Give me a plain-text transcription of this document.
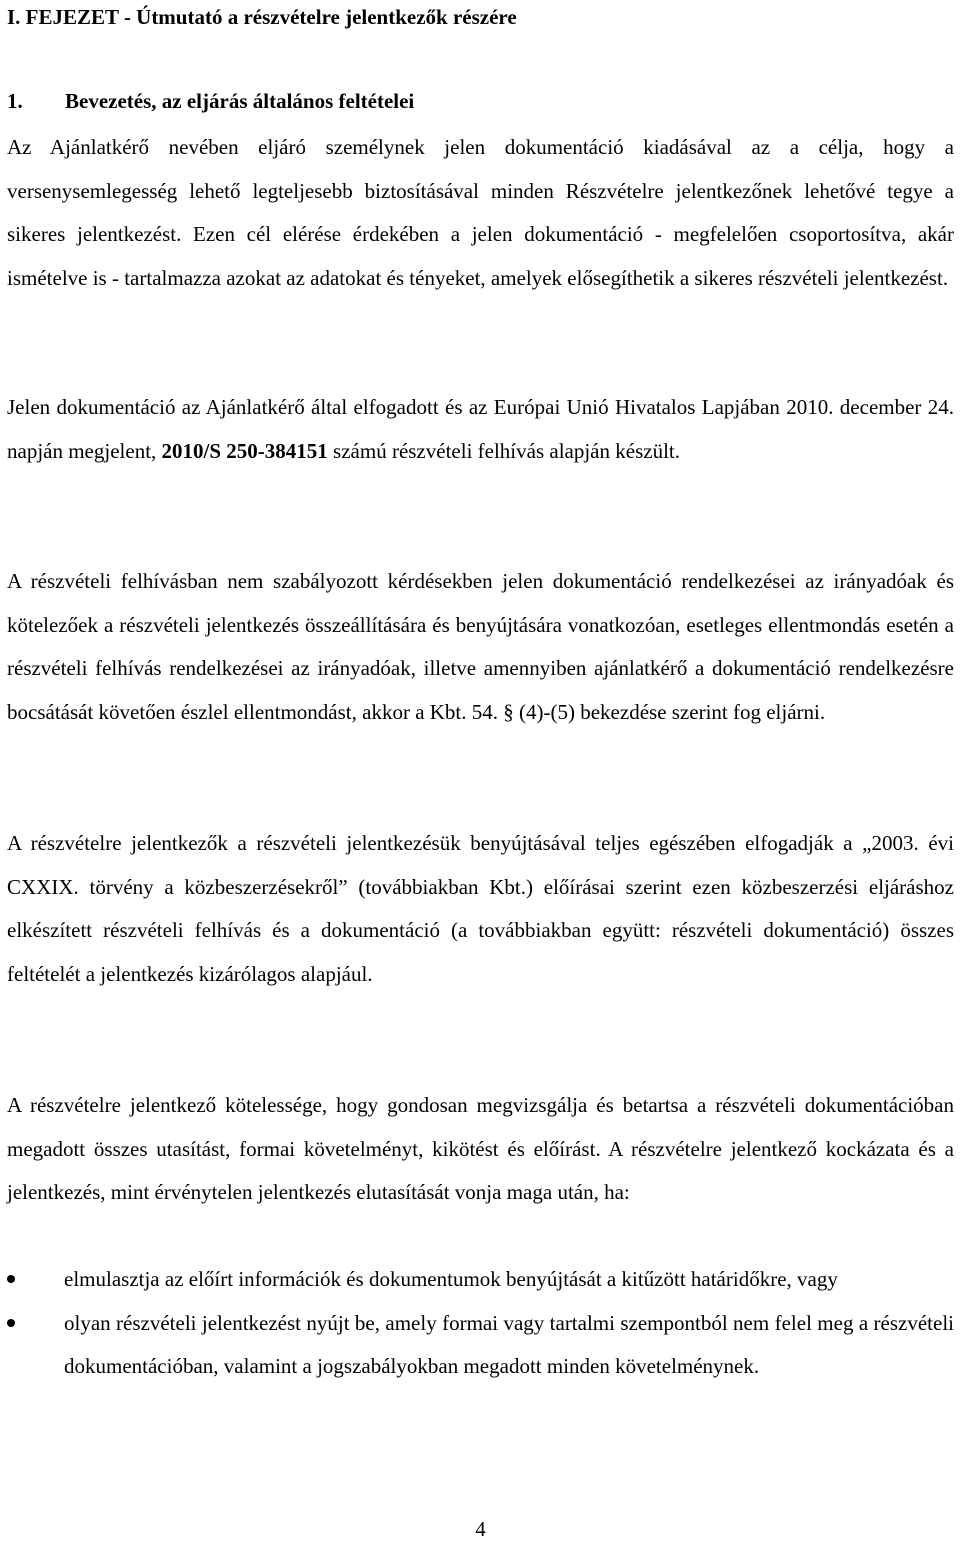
I. FEJEZET - Útmutató a részvételre jelentkezők részére
1. Bevezetés, az eljárás általános feltételei

Az Ajánlatkérő nevében eljáró személynek jelen dokumentáció kiadásával az a célja, hogy a versenysemlegesség lehető legteljesebb biztosításával minden Részvételre jelentkezőnek lehetővé tegye a sikeres jelentkezést. Ezen cél elérése érdekében a jelen dokumentáció - megfelelően csoportosítva, akár ismételve is - tartalmazza azokat az adatokat és tényeket, amelyek elősegíthetik a sikeres részvételi jelentkezést.

Jelen dokumentáció az Ajánlatkérő által elfogadott és az Európai Unió Hivatalos Lapjában 2010. december 24. napján megjelent, 2010/S 250-384151 számú részvételi felhívás alapján készült.

A részvételi felhívásban nem szabályozott kérdésekben jelen dokumentáció rendelkezései az irányadóak és kötelezőek a részvételi jelentkezés összeállítására és benyújtására vonatkozóan, esetleges ellentmondás esetén a részvételi felhívás rendelkezései az irányadóak, illetve amennyiben ajánlatkérő a dokumentáció rendelkezésre bocsátását követően észlel ellentmondást, akkor a Kbt. 54. § (4)-(5) bekezdése szerint fog eljárni.

A részvételre jelentkezők a részvételi jelentkezésük benyújtásával teljes egészében elfogadják a „2003. évi CXXIX. törvény a közbeszerzésekről” (továbbiakban Kbt.) előírásai szerint ezen közbeszerzési eljáráshoz elkészített részvételi felhívás és a dokumentáció (a továbbiakban együtt: részvételi dokumentáció) összes feltételét a jelentkezés kizárólagos alapjául.

A részvételre jelentkező kötelessége, hogy gondosan megvizsgálja és betartsa a részvételi dokumentációban megadott összes utasítást, formai követelményt, kikötést és előírást. A részvételre jelentkező kockázata és a jelentkezés, mint érvénytelen jelentkezés elutasítását vonja maga után, ha:

elmulasztja az előírt információk és dokumentumok benyújtását a kitűzött határidőkre, vagy
olyan részvételi jelentkezést nyújt be, amely formai vagy tartalmi szempontból nem felel meg a részvételi dokumentációban, valamint a jogszabályokban megadott minden követelménynek.
4
